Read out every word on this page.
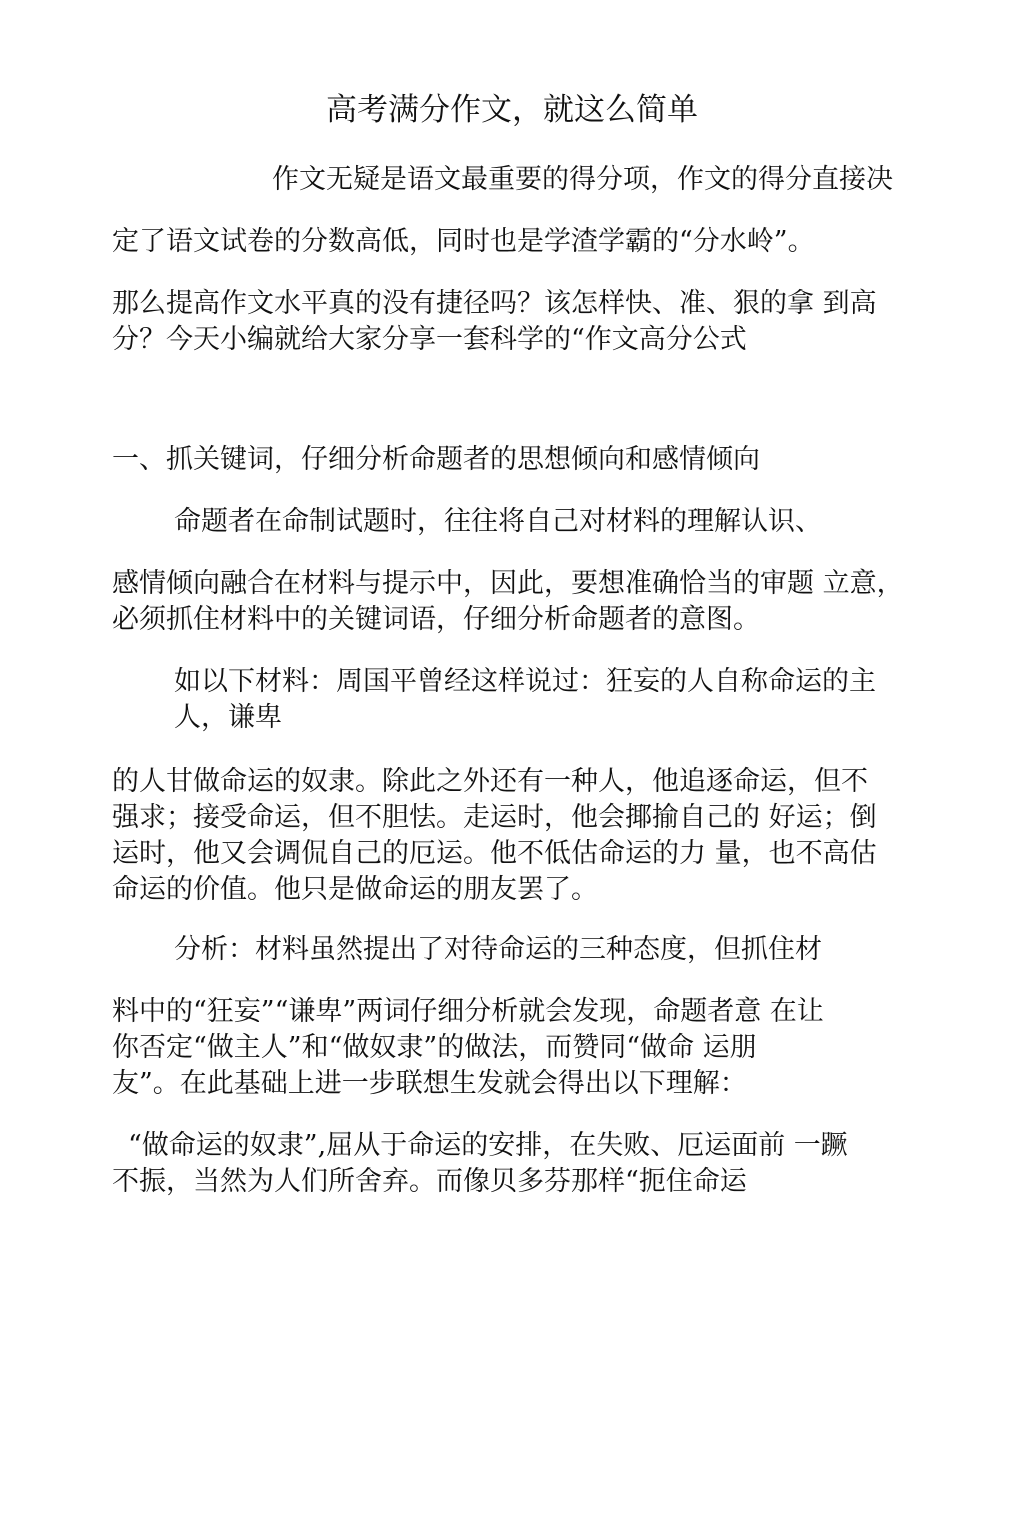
高考满分作文，就这么简单
作文无疑是语文最重要的得分项，作文的得分直接决
定了语文试卷的分数高低，同时也是学渣学霸的“分水岭”。
那么提高作文水平真的没有捷径吗？该怎样快、准、狠的拿 到高
分？今天小编就给大家分享一套科学的“作文高分公式
一、抓关键词，仔细分析命题者的思想倾向和感情倾向
命题者在命制试题时，往往将自己对材料的理解认识、
感情倾向融合在材料与提示中，因此，要想准确恰当的审题 立意，
必须抓住材料中的关键词语，仔细分析命题者的意图。
如以下材料：周国平曾经这样说过：狂妄的人自称命运的主
人，谦卑
的人甘做命运的奴隶。除此之外还有一种人，他追逐命运，但不
强求；接受命运，但不胆怯。走运时，他会揶揄自己的 好运；倒
运时，他又会调侃自己的厄运。他不低估命运的力 量，也不高估
命运的价值。他只是做命运的朋友罢了。
分析：材料虽然提出了对待命运的三种态度，但抓住材
料中的“狂妄”“谦卑”两词仔细分析就会发现，命题者意 在让
你否定“做主人”和“做奴隶”的做法，而赞同“做命 运朋
友”。在此基础上进一步联想生发就会得出以下理解：
“做命运的奴隶”,屈从于命运的安排，在失败、厄运面前 一蹶
不振，当然为人们所舍弃。而像贝多芬那样“扼住命运
